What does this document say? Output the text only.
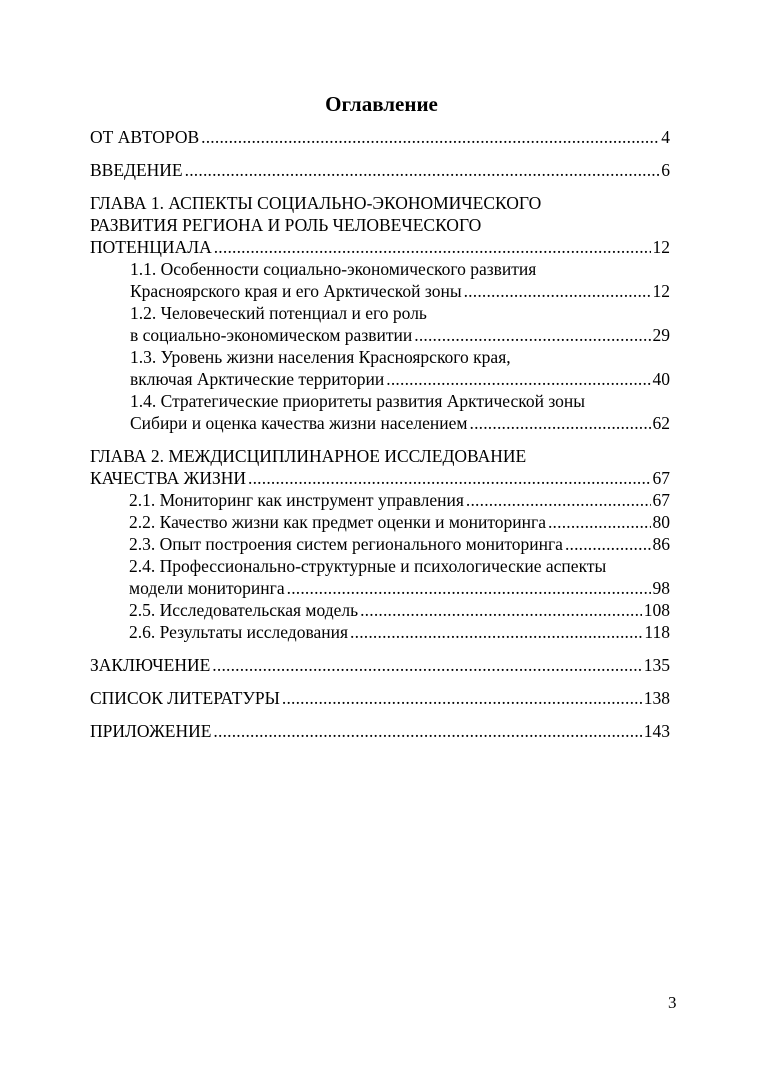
Оглавление
ОТ АВТОРОВ .....	4
ВВЕДЕНИЕ .....	6
ГЛАВА 1. АСПЕКТЫ СОЦИАЛЬНО-ЭКОНОМИЧЕСКОГО
РАЗВИТИЯ РЕГИОНА И РОЛЬ ЧЕЛОВЕЧЕСКОГО
ПОТЕНЦИАЛА .....	12
1.1. Особенности социально-экономического развития
Красноярского края и его Арктической зоны .....	12
1.2. Человеческий потенциал и его роль
в социально-экономическом развитии .....	29
1.3. Уровень жизни населения Красноярского края,
включая Арктические территории .....	40
1.4. Стратегические приоритеты развития Арктической зоны
Сибири и оценка качества жизни населением .....	62
ГЛАВА 2. МЕЖДИСЦИПЛИНАРНОЕ ИССЛЕДОВАНИЕ
КАЧЕСТВА ЖИЗНИ .....	67
2.1. Мониторинг как инструмент управления .....	67
2.2. Качество жизни как предмет оценки и мониторинга .....	80
2.3. Опыт построения систем регионального мониторинга .....	86
2.4. Профессионально-структурные и психологические аспекты
модели мониторинга .....	98
2.5. Исследовательская модель .....	108
2.6. Результаты исследования .....	118
ЗАКЛЮЧЕНИЕ .....	135
СПИСОК ЛИТЕРАТУРЫ .....	138
ПРИЛОЖЕНИЕ .....	143
3
